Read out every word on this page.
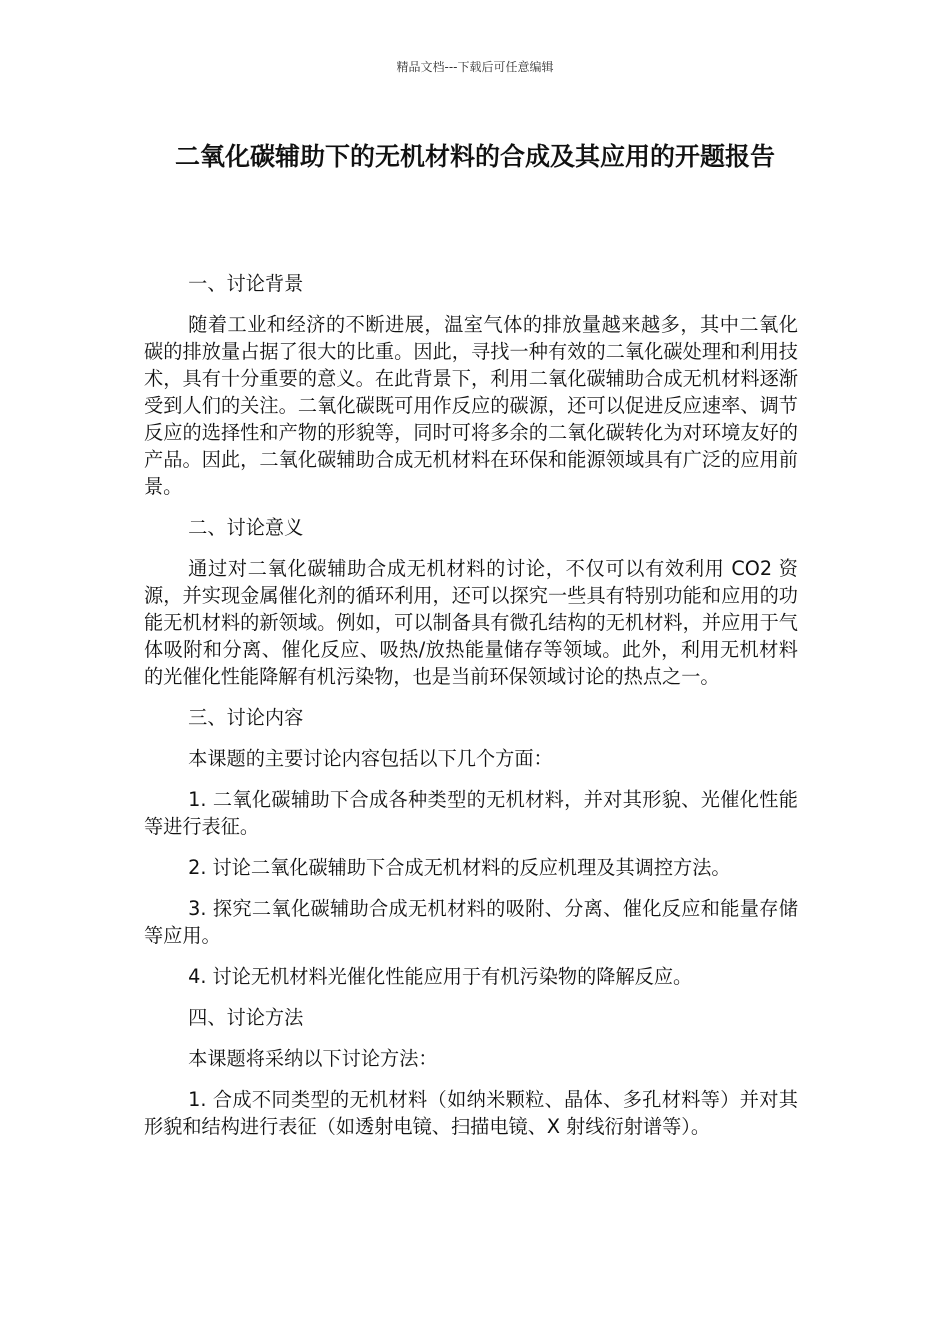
精品文档---下载后可任意编辑
二氧化碳辅助下的无机材料的合成及其应用的开题报告

一、讨论背景

随着工业和经济的不断进展，温室气体的排放量越来越多，其中二氧化碳的排放量占据了很大的比重。因此，寻找一种有效的二氧化碳处理和利用技术，具有十分重要的意义。在此背景下，利用二氧化碳辅助合成无机材料逐渐受到人们的关注。二氧化碳既可用作反应的碳源，还可以促进反应速率、调节反应的选择性和产物的形貌等，同时可将多余的二氧化碳转化为对环境友好的产品。因此，二氧化碳辅助合成无机材料在环保和能源领域具有广泛的应用前景。

二、讨论意义

通过对二氧化碳辅助合成无机材料的讨论，不仅可以有效利用 CO2 资源，并实现金属催化剂的循环利用，还可以探究一些具有特别功能和应用的功能无机材料的新领域。例如，可以制备具有微孔结构的无机材料，并应用于气体吸附和分离、催化反应、吸热/放热能量储存等领域。此外，利用无机材料的光催化性能降解有机污染物，也是当前环保领域讨论的热点之一。

三、讨论内容

本课题的主要讨论内容包括以下几个方面：

1. 二氧化碳辅助下合成各种类型的无机材料，并对其形貌、光催化性能等进行表征。

2. 讨论二氧化碳辅助下合成无机材料的反应机理及其调控方法。

3. 探究二氧化碳辅助合成无机材料的吸附、分离、催化反应和能量存储等应用。

4. 讨论无机材料光催化性能应用于有机污染物的降解反应。

四、讨论方法

本课题将采纳以下讨论方法：

1. 合成不同类型的无机材料（如纳米颗粒、晶体、多孔材料等）并对其形貌和结构进行表征（如透射电镜、扫描电镜、X 射线衍射谱等）。
